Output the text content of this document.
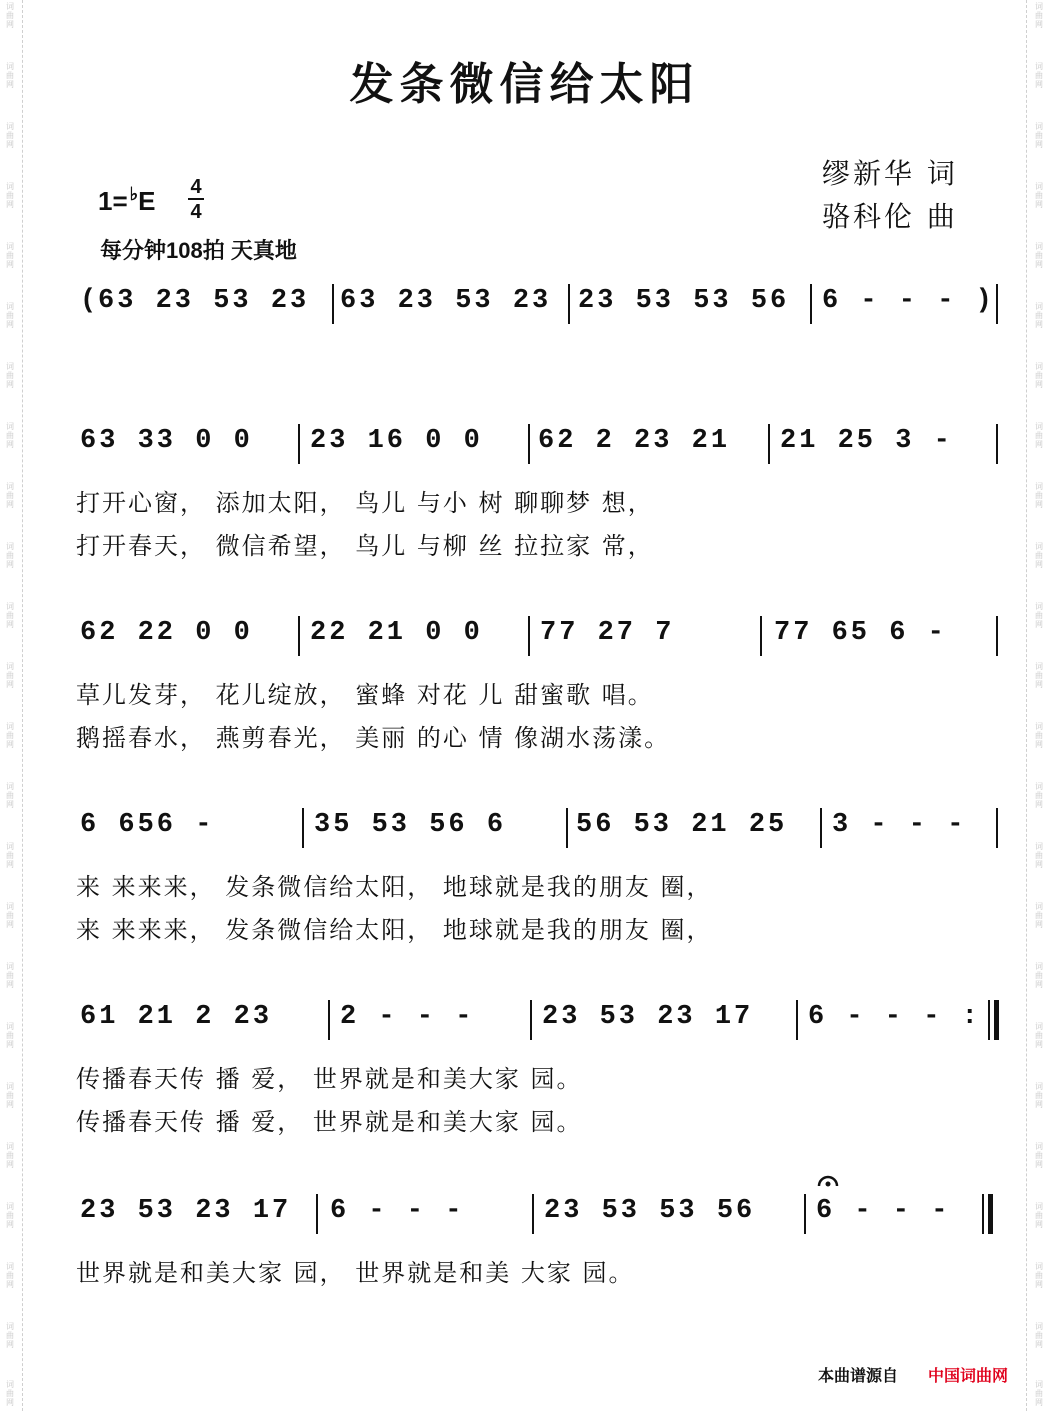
词曲网
词曲网
词曲网
词曲网
词曲网
词曲网
词曲网
词曲网
词曲网
词曲网
词曲网
词曲网
词曲网
词曲网
词曲网
词曲网
词曲网
词曲网
词曲网
词曲网
词曲网
词曲网
词曲网
词曲网
词曲网
词曲网
词曲网
词曲网
词曲网
词曲网
词曲网
词曲网
词曲网
词曲网
词曲网
词曲网
词曲网
词曲网
词曲网
词曲网
词曲网
词曲网
词曲网
词曲网
词曲网
词曲网
词曲网
词曲网
发条微信给太阳
缪新华 词
骆科伦 曲
1= ♭E 4
4
每分钟108拍 天真地
(
63 23 53 23 63 23 53 23 23 53 53 56 6 - - - )
63 33 0 0 23 16 0 0 62 2 23 21 21 25 3 -
打开心窗， 添加太阳， 鸟儿 与小 树 聊聊梦 想，
打开春天， 微信希望， 鸟儿 与柳 丝 拉拉家 常，
62 22 0 0 22 21 0 0 77 27 7	77 65 6 -
草儿发芽， 花儿绽放， 蜜蜂 对花 儿 甜蜜歌 唱。
鹅摇春水， 燕剪春光， 美丽 的心 情 像湖水荡漾。
6 656 -	35 53 56 6	56 53 21 25 3 - - -
来 来来来， 发条微信给太阳， 地球就是我的朋友 圈，
来 来来来， 发条微信给太阳， 地球就是我的朋友 圈，
61 21 2 23	2 - - -	23 53 23 17 6 - - - :
传播春天传 播 爱， 世界就是和美大家 园。
传播春天传 播 爱， 世界就是和美大家 园。
23 53 23 17 6 - - -	23 53 53 56 6 - - -
世界就是和美大家 园， 世界就是和美 大家 园。
本曲谱源自 中国词曲网
